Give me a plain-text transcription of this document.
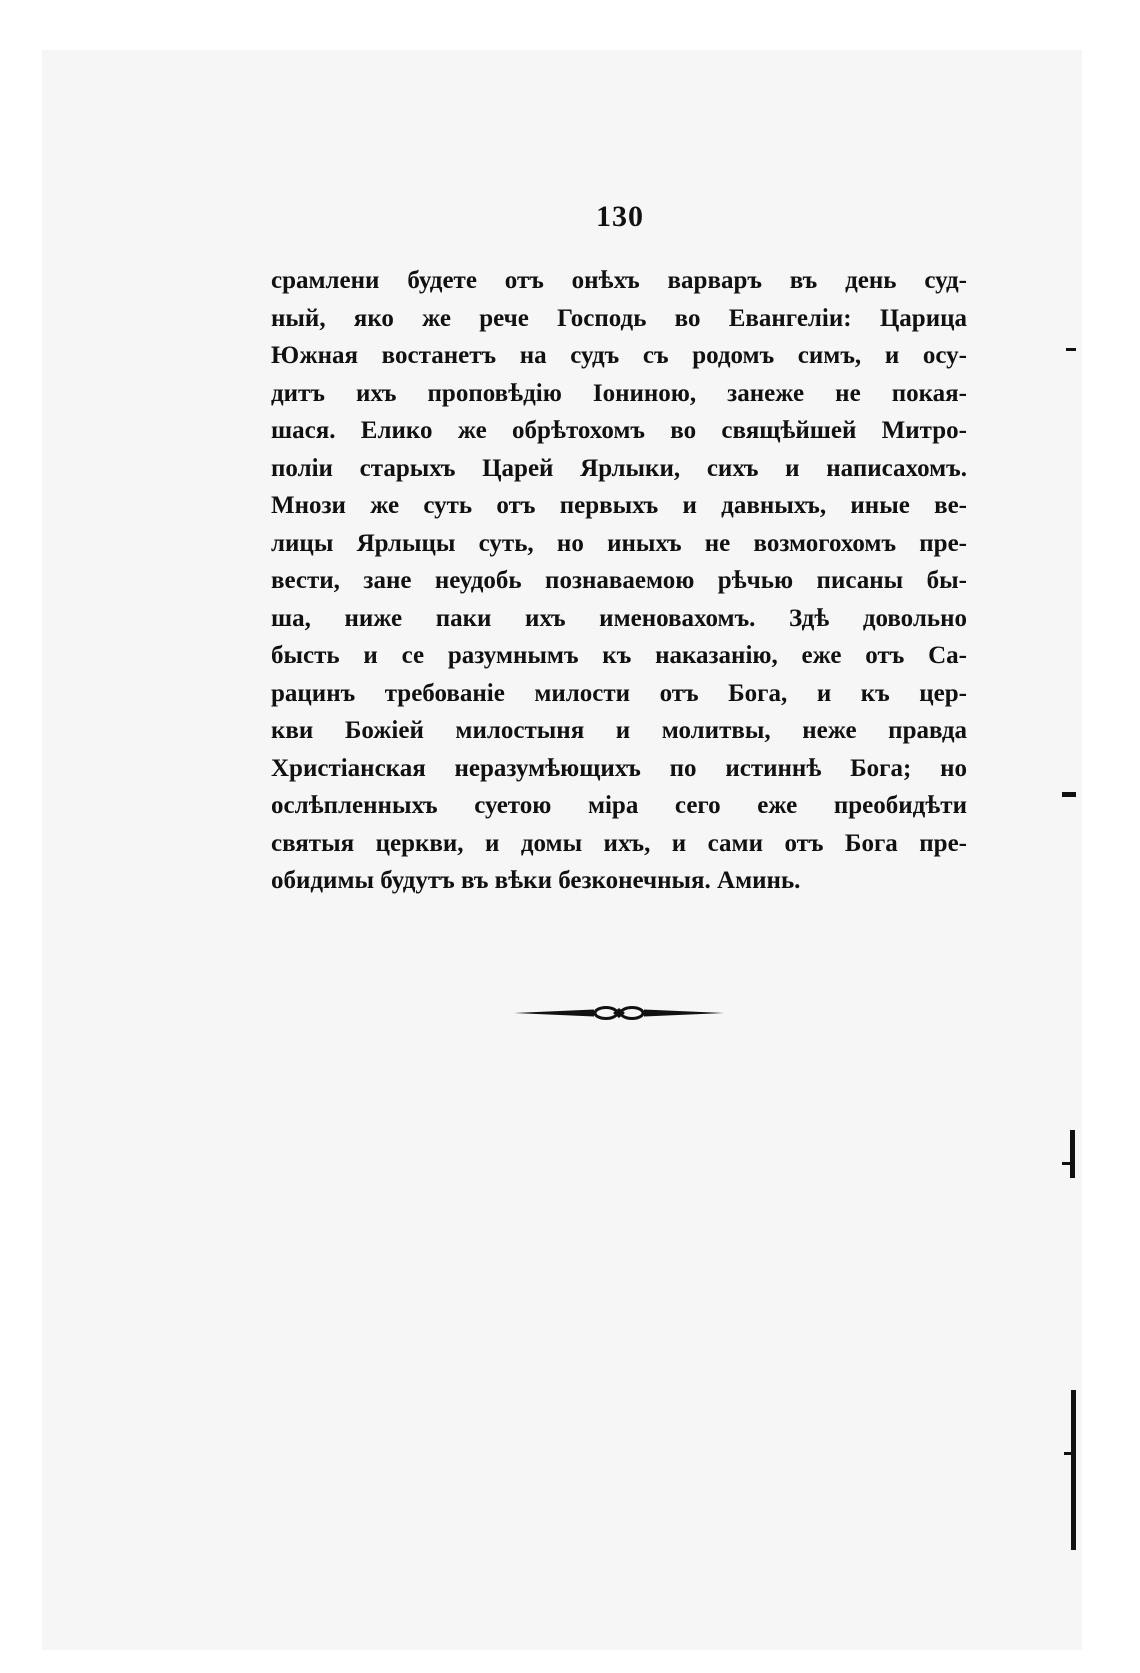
130
срамлени будете отъ онѣхъ варваръ въ день суд-
ный, яко же рече Господь во Евангеліи: Царица
Южная востанетъ на судъ съ родомъ симъ, и осу-
дитъ ихъ проповѣдію Іониною, занеже не покая-
шася. Елико же обрѣтохомъ во свящѣйшей Митро-
поліи старыхъ Царей Ярлыки, сихъ и написахомъ.
Мнози же суть отъ первыхъ и давныхъ, иные ве-
лицы Ярлыцы суть, но иныхъ не возмогохомъ пре-
вести, зане неудобь познаваемою рѣчью писаны бы-
ша, ниже паки ихъ именовахомъ. Здѣ довольно
бысть и се разумнымъ къ наказанію, еже отъ Са-
рацинъ требованіе милости отъ Бога, и къ цер-
кви Божіей милостыня и молитвы, неже правда
Христіанская неразумѣющихъ по истиннѣ Бога; но
ослѣпленныхъ суетою міра сего еже преобидѣти
святыя церкви, и домы ихъ, и сами отъ Бога пре-
обидимы будутъ въ вѣки безконечныя. Аминь.
